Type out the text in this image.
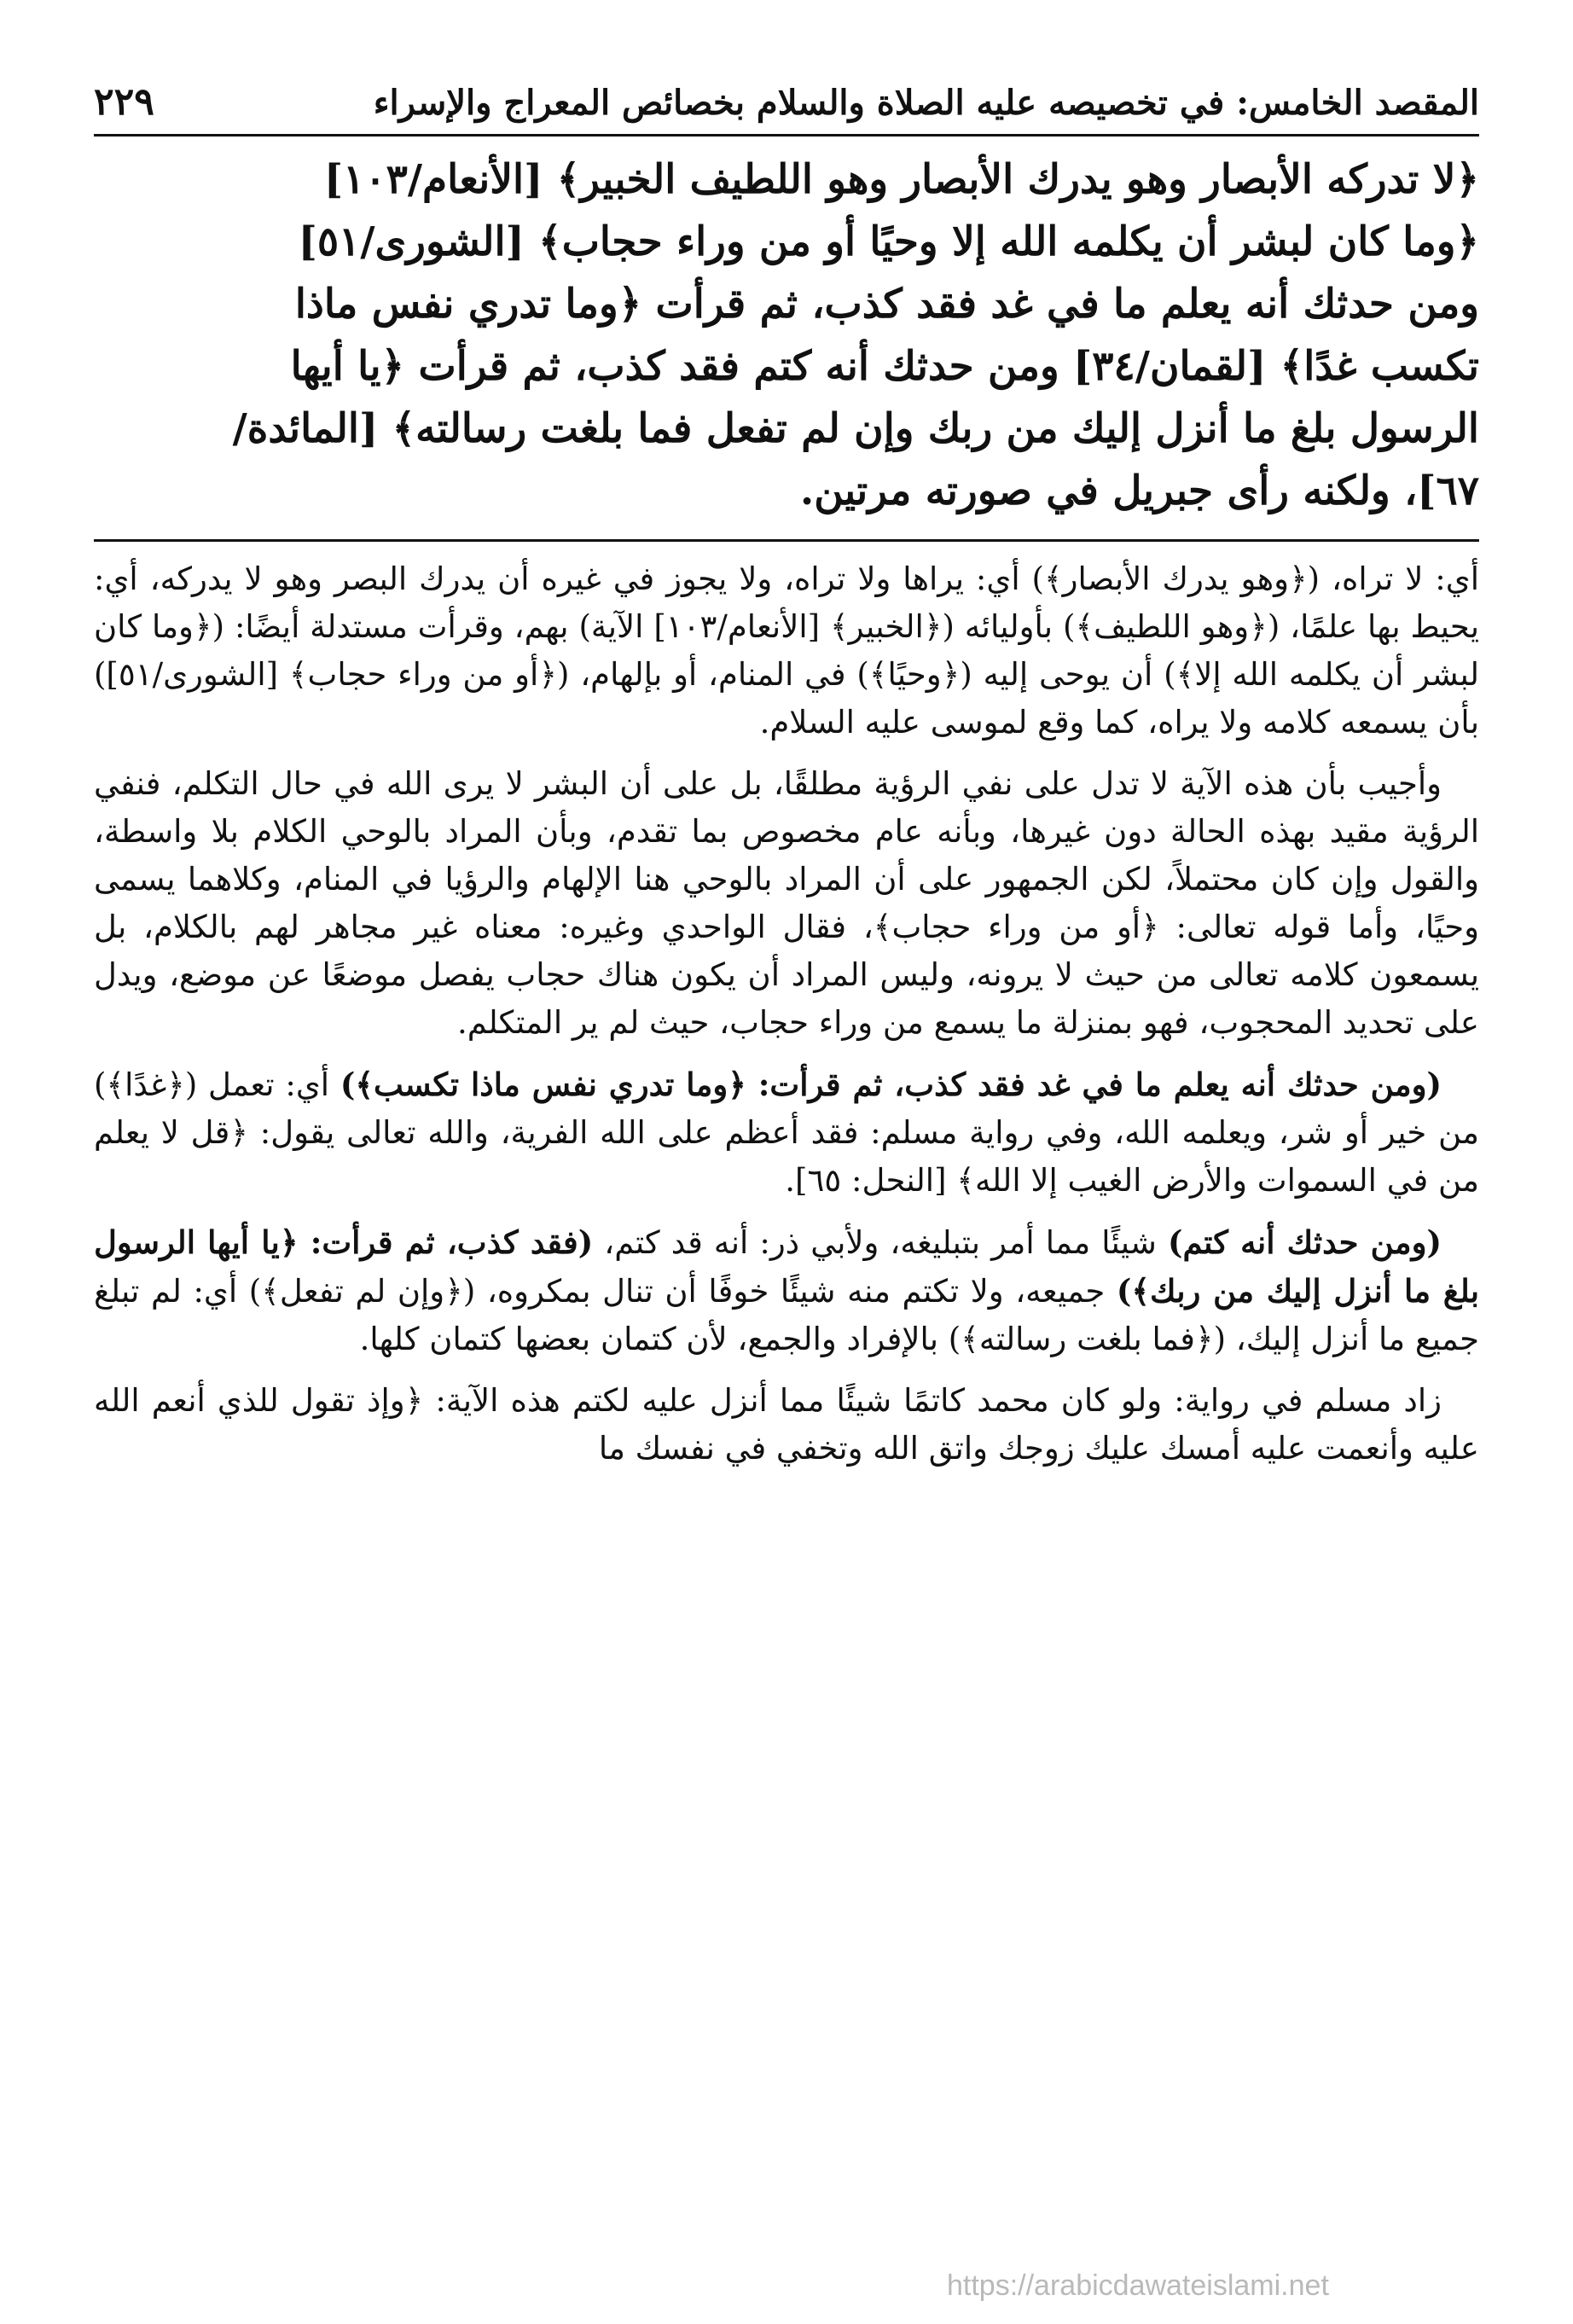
المقصد الخامس: في تخصيصه عليه الصلاة والسلام بخصائص المعراج والإسراء
٢٢٩

﴿لا تدركه الأبصار وهو يدرك الأبصار وهو اللطيف الخبير﴾ [الأنعام/١٠٣]

﴿وما كان لبشر أن يكلمه الله إلا وحيًا أو من وراء حجاب﴾ [الشورى/٥١]

ومن حدثك أنه يعلم ما في غد فقد كذب، ثم قرأت ﴿وما تدري نفس ماذا

تكسب غدًا﴾ [لقمان/٣٤] ومن حدثك أنه كتم فقد كذب، ثم قرأت ﴿يا أيها

الرسول بلغ ما أنزل إليك من ربك وإن لم تفعل فما بلغت رسالته﴾ [المائدة/

٦٧]، ولكنه رأى جبريل في صورته مرتين.

أي: لا تراه، (﴿وهو يدرك الأبصار﴾) أي: يراها ولا تراه، ولا يجوز في غيره أن يدرك البصر وهو لا يدركه، أي: يحيط بها علمًا، (﴿وهو اللطيف﴾) بأوليائه (﴿الخبير﴾ [الأنعام/١٠٣] الآية) بهم، وقرأت مستدلة أيضًا: (﴿وما كان لبشر أن يكلمه الله إلا﴾) أن يوحى إليه (﴿وحيًا﴾) في المنام، أو بإلهام، (﴿أو من وراء حجاب﴾ [الشورى/٥١]) بأن يسمعه كلامه ولا يراه، كما وقع لموسى عليه السلام.

وأجيب بأن هذه الآية لا تدل على نفي الرؤية مطلقًا، بل على أن البشر لا يرى الله في حال التكلم، فنفي الرؤية مقيد بهذه الحالة دون غيرها، وبأنه عام مخصوص بما تقدم، وبأن المراد بالوحي الكلام بلا واسطة، والقول وإن كان محتملاً، لكن الجمهور على أن المراد بالوحي هنا الإلهام والرؤيا في المنام، وكلاهما يسمى وحيًا، وأما قوله تعالى: ﴿أو من وراء حجاب﴾، فقال الواحدي وغيره: معناه غير مجاهر لهم بالكلام، بل يسمعون كلامه تعالى من حيث لا يرونه، وليس المراد أن يكون هناك حجاب يفصل موضعًا عن موضع، ويدل على تحديد المحجوب، فهو بمنزلة ما يسمع من وراء حجاب، حيث لم ير المتكلم.

(ومن حدثك أنه يعلم ما في غد فقد كذب، ثم قرأت: ﴿وما تدري نفس ماذا تكسب﴾) أي: تعمل (﴿غدًا﴾) من خير أو شر، ويعلمه الله، وفي رواية مسلم: فقد أعظم على الله الفرية، والله تعالى يقول: ﴿قل لا يعلم من في السموات والأرض الغيب إلا الله﴾ [النحل: ٦٥].

(ومن حدثك أنه كتم) شيئًا مما أمر بتبليغه، ولأبي ذر: أنه قد كتم، (فقد كذب، ثم قرأت: ﴿يا أيها الرسول بلغ ما أنزل إليك من ربك﴾) جميعه، ولا تكتم منه شيئًا خوفًا أن تنال بمكروه، (﴿وإن لم تفعل﴾) أي: لم تبلغ جميع ما أنزل إليك، (﴿فما بلغت رسالته﴾) بالإفراد والجمع، لأن كتمان بعضها كتمان كلها.

زاد مسلم في رواية: ولو كان محمد كاتمًا شيئًا مما أنزل عليه لكتم هذه الآية: ﴿وإذ تقول للذي أنعم الله عليه وأنعمت عليه أمسك عليك زوجك واتق الله وتخفي في نفسك ما

https://arabicdawateislami.net
